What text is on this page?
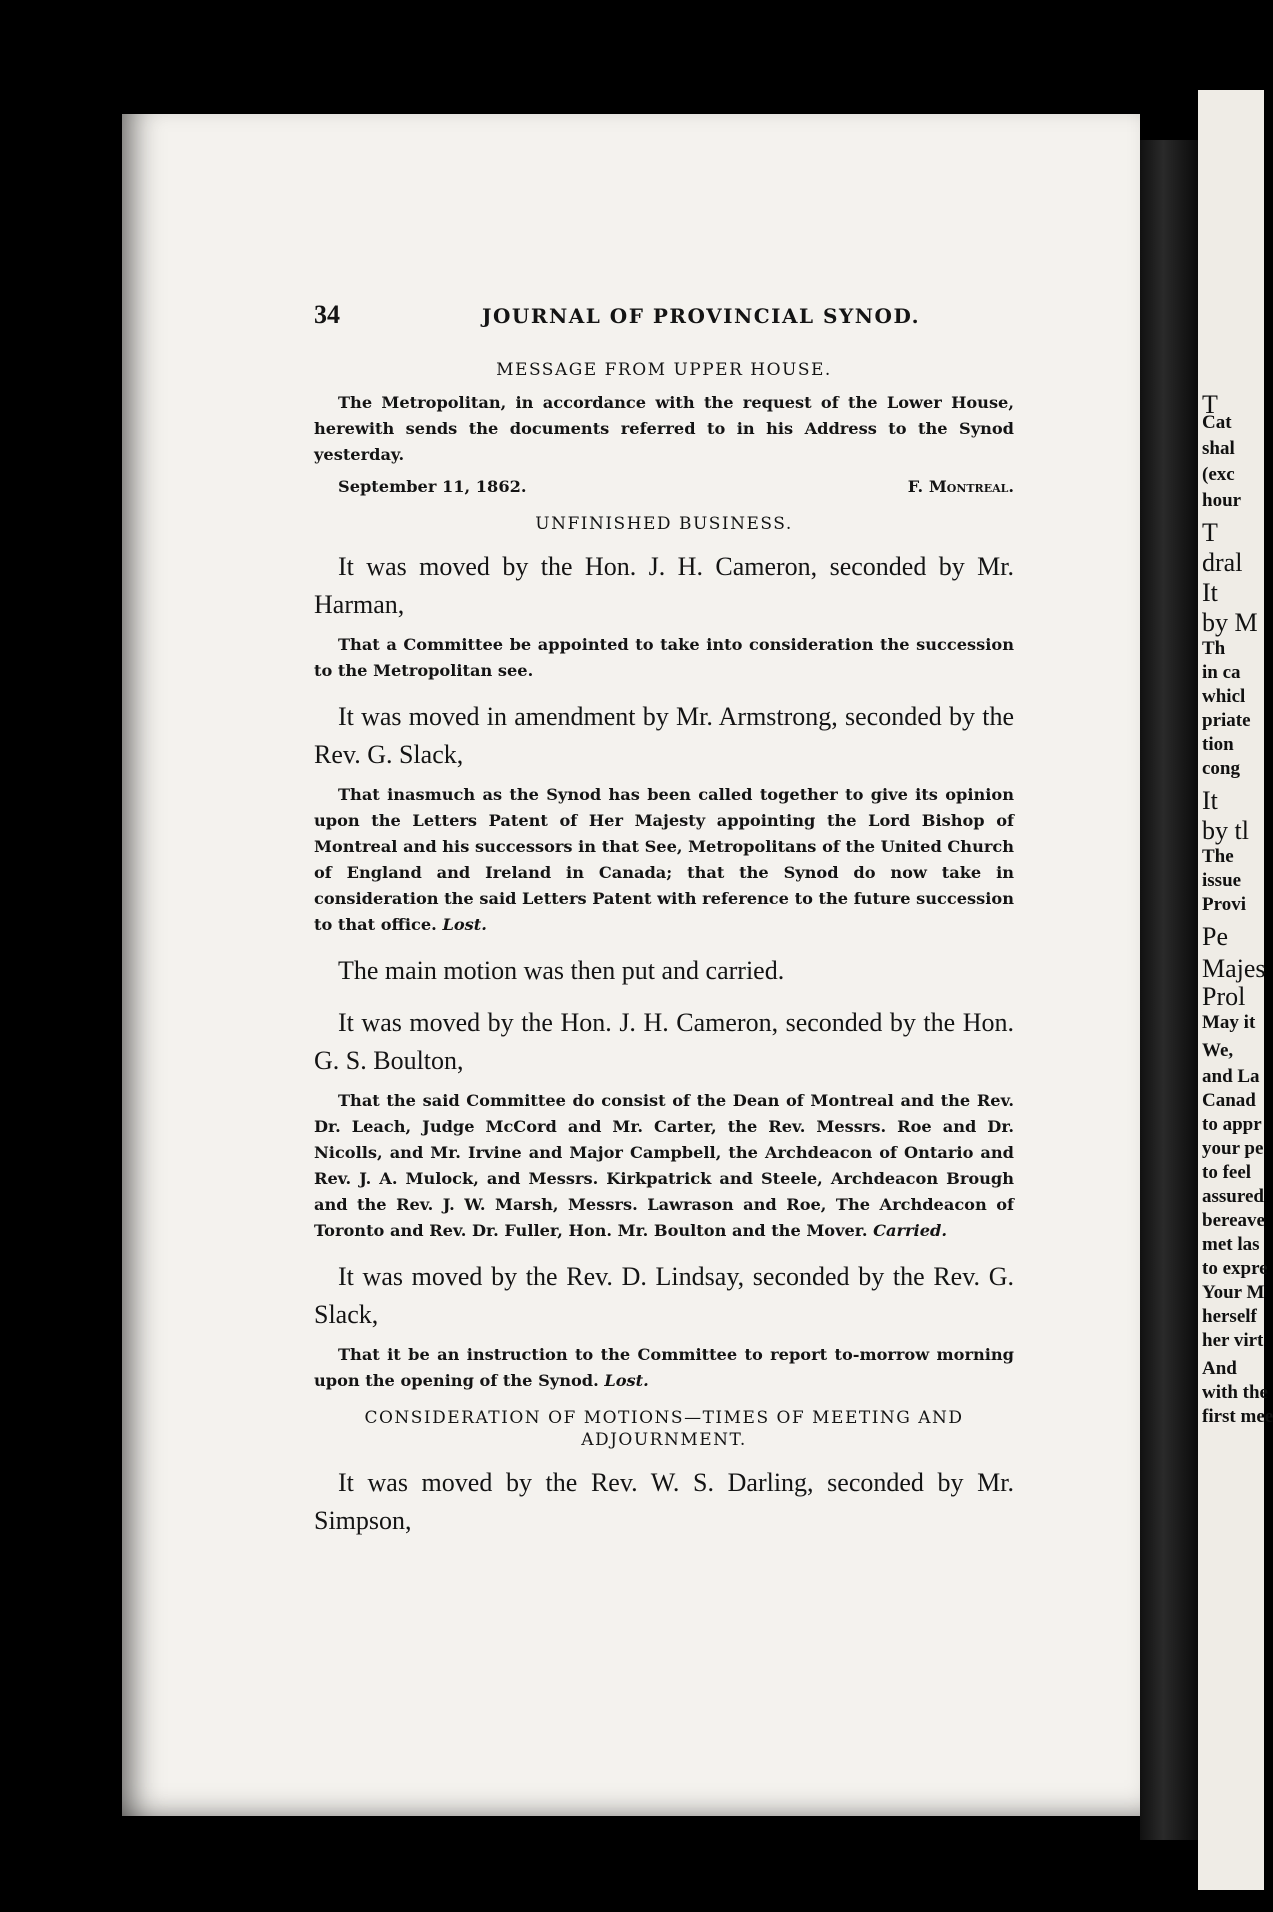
T
Cat
shal
(exc
hour
T
dral
It
by M
Th
in ca
whicl
priate
tion
cong
It
by tl
The
issue
Provi
Pe
Majes
Prol
May it
We,
and La
Canad
to appr
your pe
to feel
assured
bereave
met las
to expre
Your M
herself
her virt
And
with the
first mee
34	JOURNAL OF PROVINCIAL SYNOD.
MESSAGE FROM UPPER HOUSE.

The Metropolitan, in accordance with the request of the Lower House, herewith sends the documents referred to in his Address to the Synod yesterday.

September 11, 1862.	F. Montreal.
UNFINISHED BUSINESS.

It was moved by the Hon. J. H. Cameron, seconded by Mr. Harman,

That a Committee be appointed to take into consideration the succession to the Metropolitan see.

It was moved in amendment by Mr. Armstrong, seconded by the Rev. G. Slack,

That inasmuch as the Synod has been called together to give its opinion upon the Letters Patent of Her Majesty appointing the Lord Bishop of Montreal and his successors in that See, Metropolitans of the United Church of England and Ireland in Canada; that the Synod do now take in consideration the said Letters Patent with reference to the future succession to that office. Lost.

The main motion was then put and carried.

It was moved by the Hon. J. H. Cameron, seconded by the Hon. G. S. Boulton,

That the said Committee do consist of the Dean of Montreal and the Rev. Dr. Leach, Judge McCord and Mr. Carter, the Rev. Messrs. Roe and Dr. Nicolls, and Mr. Irvine and Major Campbell, the Archdeacon of Ontario and Rev. J. A. Mulock, and Messrs. Kirkpatrick and Steele, Archdeacon Brough and the Rev. J. W. Marsh, Messrs. Lawrason and Roe, The Archdeacon of Toronto and Rev. Dr. Fuller, Hon. Mr. Boulton and the Mover. Carried.

It was moved by the Rev. D. Lindsay, seconded by the Rev. G. Slack,

That it be an instruction to the Committee to report to-morrow morning upon the opening of the Synod. Lost.

CONSIDERATION OF MOTIONS—TIMES OF MEETING AND
ADJOURNMENT.

It was moved by the Rev. W. S. Darling, seconded by Mr. Simpson,
